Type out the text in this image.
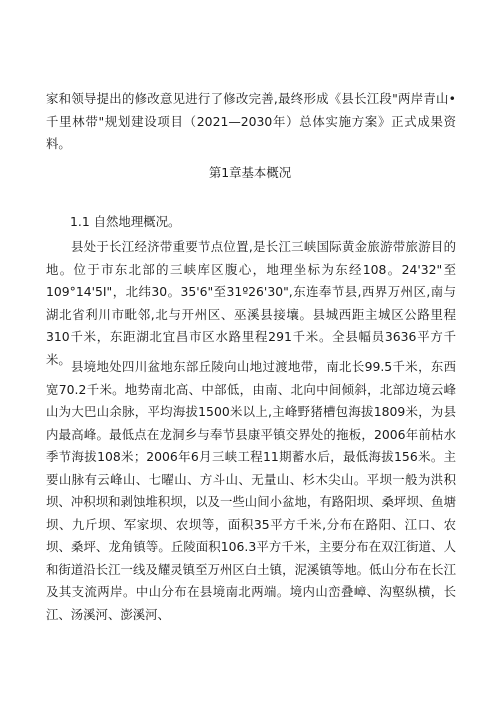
家和领导提出的修改意见进行了修改完善,最终形成《县长江段"两岸青山•千里林带"规划建设项目（2021—2030年）总体实施方案》正式成果资料。

第1章基本概况

1.1 自然地理概况。

县处于长江经济带重要节点位置,是长江三峡国际黄金旅游带旅游目的地。位于市东北部的三峡库区腹心，地理坐标为东经108。24'32"至109°14'5I"，北纬30。35'6"至31º26'30",东连奉节县,西界万州区,南与湖北省利川市毗邻,北与开州区、巫溪县接壤。县城西距主城区公路里程310千米，东距湖北宜昌市区水路里程291千米。全县幅员3636平方千米。 县境地处四川盆地东部丘陵向山地过渡地带，南北长99.5千米，东西宽70.2千米。地势南北高、中部低，由南、北向中间倾斜，北部边境云峰山为大巴山余脉，平均海拔1500米以上,主峰野猪槽包海拔1809米，为县内最高峰。最低点在龙洞乡与奉节县康平镇交界处的拖板，2006年前枯水季节海拔108米；2006年6月三峡工程11期蓄水后，最低海拔156米。主要山脉有云峰山、七曜山、方斗山、无量山、杉木尖山。平坝一般为洪积坝、冲积坝和剥蚀堆积坝，以及一些山间小盆地，有路阳坝、桑坪坝、鱼塘坝、九斤坝、军家坝、农坝等，面积35平方千米,分布在路阳、江口、农坝、桑坪、龙角镇等。丘陵面积106.3平方千米，主要分布在双江街道、人和街道沿长江一线及耀灵镇至万州区白土镇，泥溪镇等地。低山分布在长江及其支流两岸。中山分布在县境南北两端。境内山峦叠嶂、沟壑纵横，长江、汤溪河、澎溪河、
